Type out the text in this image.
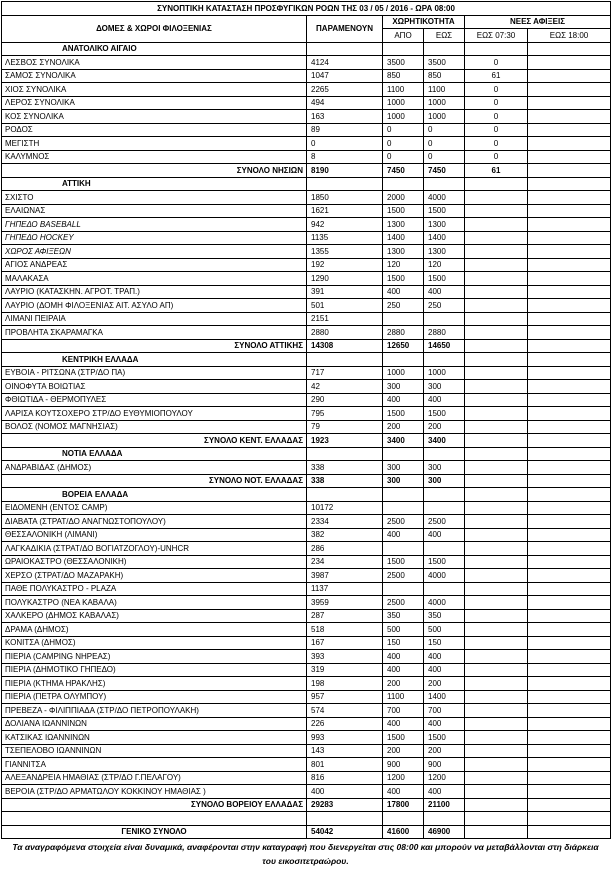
ΣΥΝΟΠΤΙΚΗ ΚΑΤΑΣΤΑΣΗ ΠΡΟΣΦΥΓΙΚΩΝ ΡΟΩΝ ΤΗΣ 03 / 05 / 2016 - ΩΡΑ 08:00					
ΔΟΜΕΣ & ΧΩΡΟΙ ΦΙΛΟΞΕΝΙΑΣ	ΠΑΡΑΜΕΝΟΥΝ	ΧΩΡΗΤΙΚΟΤΗΤΑ		ΝΕΕΣ ΑΦΙΞΕΙΣ	
		ΑΠΟ	ΕΩΣ	ΕΩΣ 07:30	ΕΩΣ 18:00
ΑΝΑΤΟΛΙΚΟ ΑΙΓΑΙΟ					
ΛΕΣΒΟΣ ΣΥΝΟΛΙΚΑ	4124	3500	3500	0	
ΣΑΜΟΣ ΣΥΝΟΛΙΚΑ	1047	850	850	61	
ΧΙΟΣ ΣΥΝΟΛΙΚΑ	2265	1100	1100	0	
ΛΕΡΟΣ ΣΥΝΟΛΙΚΑ	494	1000	1000	0	
ΚΟΣ ΣΥΝΟΛΙΚΑ	163	1000	1000	0	
ΡΟΔΟΣ	89	0	0	0	
ΜΕΓΙΣΤΗ	0	0	0	0	
ΚΑΛΥΜΝΟΣ	8	0	0	0	
ΣΥΝΟΛΟ ΝΗΣΙΩΝ	8190	7450	7450	61	
ΑΤΤΙΚΗ					
ΣΧΙΣΤΟ	1850	2000	4000		
ΕΛΑΙΩΝΑΣ	1621	1500	1500		
ΓΗΠΕΔΟ BASEBALL	942	1300	1300		
ΓΗΠΕΔΟ HOCKEY	1135	1400	1400		
ΧΩΡΟΣ ΑΦΙΞΕΩΝ	1355	1300	1300		
ΑΓΙΟΣ ΑΝΔΡΕΑΣ	192	120	120		
ΜΑΛΑΚΑΣΑ	1290	1500	1500		
ΛΑΥΡΙΟ (ΚΑΤΑΣΚΗΝ. ΑΓΡΟΤ. ΤΡΑΠ.)	391	400	400		
ΛΑΥΡΙΟ (ΔΟΜΗ ΦΙΛΟΞΕΝΙΑΣ ΑΙΤ. ΑΣΥΛΟ ΑΠ)	501	250	250		
ΛΙΜΑΝΙ ΠΕΙΡΑΙΑ	2151				
ΠΡΟΒΛΗΤΑ ΣΚΑΡΑΜΑΓΚΑ	2880	2880	2880		
ΣΥΝΟΛΟ ΑΤΤΙΚΗΣ	14308	12650	14650		
ΚΕΝΤΡΙΚΗ ΕΛΛΑΔΑ					
ΕΥΒΟΙΑ - ΡΙΤΣΩΝΑ (ΣΤΡ/ΔΟ ΠΑ)	717	1000	1000		
ΟΙΝΟΦΥΤΑ ΒΟΙΩΤΙΑΣ	42	300	300		
ΦΘΙΩΤΙΔΑ - ΘΕΡΜΟΠΥΛΕΣ	290	400	400		
ΛΑΡΙΣΑ ΚΟΥΤΣΟΧΕΡΟ ΣΤΡ/ΔΟ ΕΥΘΥΜΙΟΠΟΥΛΟΥ	795	1500	1500		
ΒΟΛΟΣ (ΝΟΜΟΣ ΜΑΓΝΗΣΙΑΣ)	79	200	200		
ΣΥΝΟΛΟ ΚΕΝΤ. ΕΛΛΑΔΑΣ	1923	3400	3400		
ΝΟΤΙΑ ΕΛΛΑΔΑ					
ΑΝΔΡΑΒΙΔΑΣ (ΔΗΜΟΣ)	338	300	300		
ΣΥΝΟΛΟ ΝΟΤ. ΕΛΛΑΔΑΣ	338	300	300		
ΒΟΡΕΙΑ ΕΛΛΑΔΑ					
ΕΙΔΟΜΕΝΗ (ΕΝΤΟΣ CAMP)	10172				
ΔΙΑΒΑΤΑ (ΣΤΡΑΤ/ΔΟ ΑΝΑΓΝΩΣΤΟΠΟΥΛΟΥ)	2334	2500	2500		
ΘΕΣΣΑΛΟΝΙΚΗ (ΛΙΜΑΝΙ)	382	400	400		
ΛΑΓΚΑΔΙΚΙΑ (ΣΤΡΑΤ/ΔΟ ΒΟΓΙΑΤΖΟΓΛΟΥ)-UNHCR	286				
ΩΡΑΙΟΚΑΣΤΡΟ (ΘΕΣΣΑΛΟΝΙΚΗ)	234	1500	1500		
ΧΕΡΣΟ (ΣΤΡΑΤ/ΔΟ ΜΑΖΑΡΑΚΗ)	3987	2500	4000		
ΠΑΘΕ ΠΟΛΥΚΑΣΤΡΟ - PLAZA	1137				
ΠΟΛΥΚΑΣΤΡΟ (ΝΕΑ ΚΑΒΑΛΑ)	3959	2500	4000		
ΧΑΛΚΕΡΟ (ΔΗΜΟΣ ΚΑΒΑΛΑΣ)	287	350	350		
ΔΡΑΜΑ (ΔΗΜΟΣ)	518	500	500		
ΚΟΝΙΤΣΑ (ΔΗΜΟΣ)	167	150	150		
ΠΙΕΡΙΑ (CAMPING ΝΗΡΕΑΣ)	393	400	400		
ΠΙΕΡΙΑ (ΔΗΜΟΤΙΚΟ ΓΗΠΕΔΟ)	319	400	400		
ΠΙΕΡΙΑ (ΚΤΗΜΑ ΗΡΑΚΛΗΣ)	198	200	200		
ΠΙΕΡΙΑ (ΠΕΤΡΑ ΟΛΥΜΠΟΥ)	957	1100	1400		
ΠΡΕΒΕΖΑ - ΦΙΛΙΠΠΙΑΔΑ (ΣΤΡ/ΔΟ ΠΕΤΡΟΠΟΥΛΑΚΗ)	574	700	700		
ΔΟΛΙΑΝΑ ΙΩΑΝΝΙΝΩΝ	226	400	400		
ΚΑΤΣΙΚΑΣ ΙΩΑΝΝΙΝΩΝ	993	1500	1500		
ΤΣΕΠΕΛΟΒΟ ΙΩΑΝΝΙΝΩΝ	143	200	200		
ΓΙΑΝΝΙΤΣΑ	801	900	900		
ΑΛΕΞΑΝΔΡΕΙΑ ΗΜΑΘΙΑΣ (ΣΤΡ/ΔΟ Γ.ΠΕΛΑΓΟΥ)	816	1200	1200		
ΒΕΡΟΙΑ (ΣΤΡ/ΔΟ ΑΡΜΑΤΩΛΟΥ ΚΟΚΚΙΝΟΥ ΗΜΑΘΙΑΣ )	400	400	400		
ΣΥΝΟΛΟ ΒΟΡΕΙΟΥ ΕΛΛΑΔΑΣ	29283	17800	21100		

ΓΕΝΙΚΟ ΣΥΝΟΛΟ	54042	41600	46900		
Τα αναγραφόμενα στοιχεία είναι δυναμικά, αναφέρονται στην καταγραφή που διενεργείται στις 08:00 και μπορούν να μεταβάλλονται στη διάρκεια του εικοσιτετραώρου.
